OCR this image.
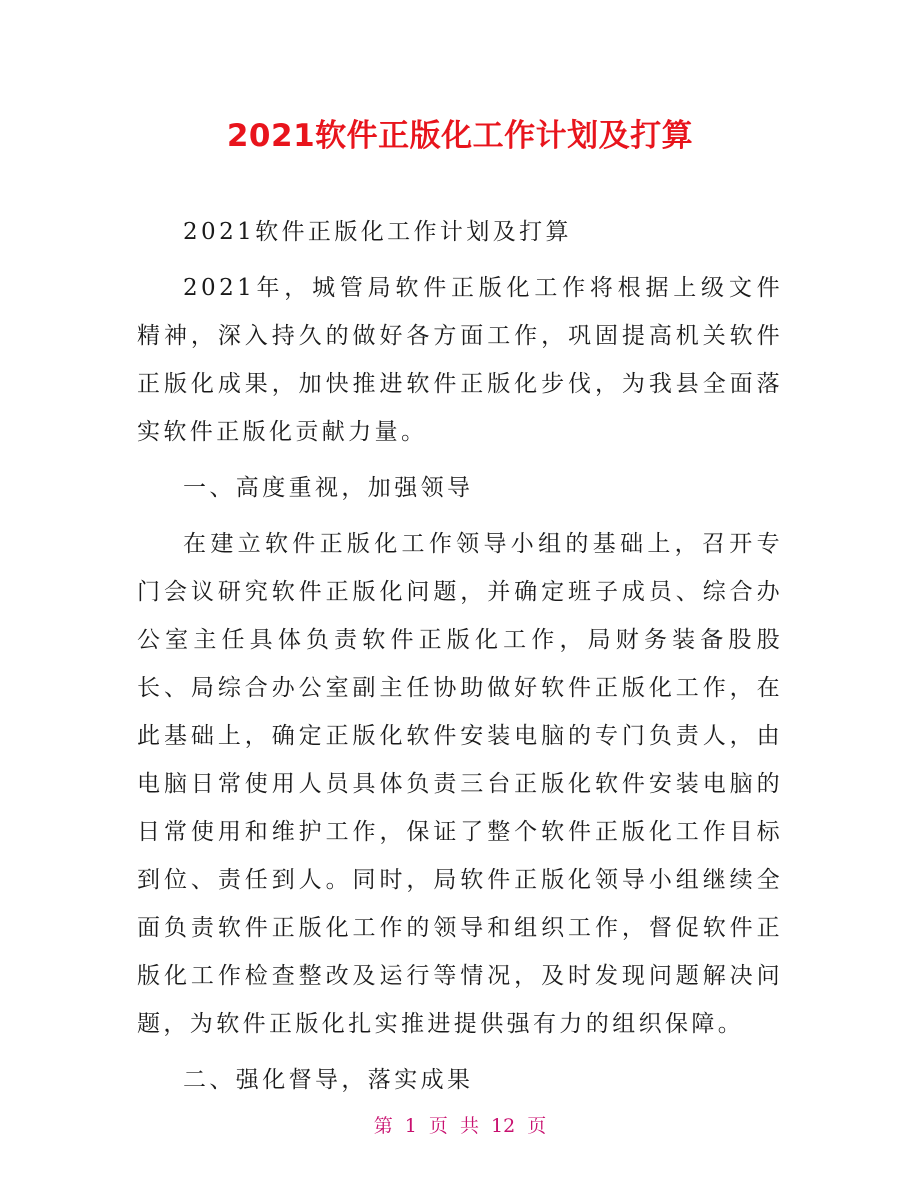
2021软件正版化工作计划及打算

2021软件正版化工作计划及打算

2021年，城管局软件正版化工作将根据上级文件精神，深入持久的做好各方面工作，巩固提高机关软件正版化成果，加快推进软件正版化步伐，为我县全面落实软件正版化贡献力量。

一、高度重视，加强领导

在建立软件正版化工作领导小组的基础上，召开专门会议研究软件正版化问题，并确定班子成员、综合办公室主任具体负责软件正版化工作，局财务装备股股长、局综合办公室副主任协助做好软件正版化工作，在此基础上，确定正版化软件安装电脑的专门负责人，由电脑日常使用人员具体负责三台正版化软件安装电脑的日常使用和维护工作，保证了整个软件正版化工作目标到位、责任到人。同时，局软件正版化领导小组继续全面负责软件正版化工作的领导和组织工作，督促软件正版化工作检查整改及运行等情况，及时发现问题解决问题，为软件正版化扎实推进提供强有力的组织保障。

二、强化督导，落实成果

第 1 页 共 12 页
